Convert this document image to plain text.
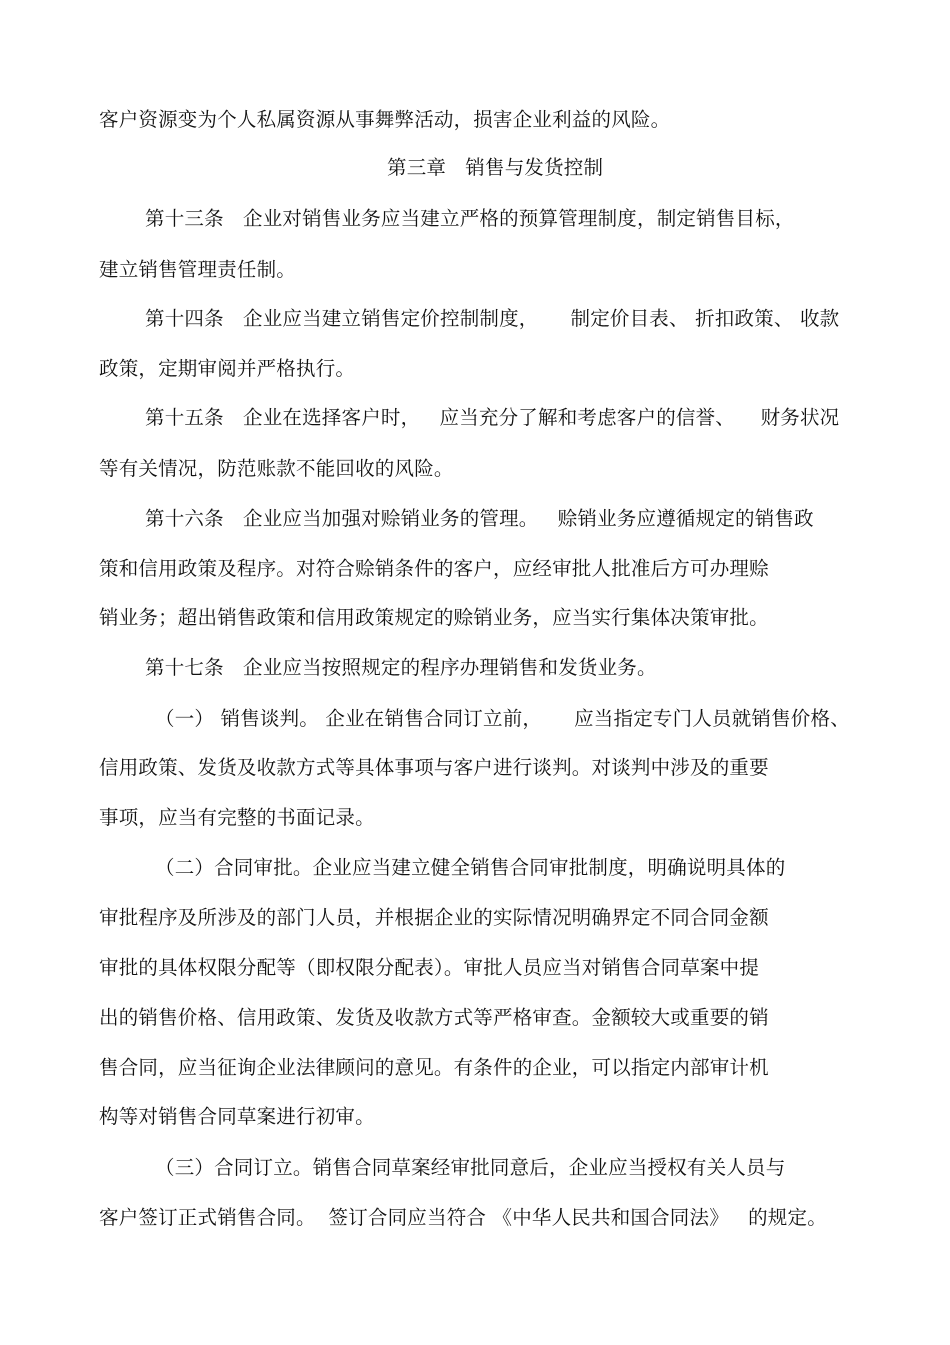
客户资源变为个人私属资源从事舞弊活动，损害企业利益的风险。
第三章   销售与发货控制
第十三条   企业对销售业务应当建立严格的预算管理制度，制定销售目标，
建立销售管理责任制。
第十四条   企业应当建立销售定价控制制度，     制定价目表、 折扣政策、 收款
政策，定期审阅并严格执行。
第十五条   企业在选择客户时，   应当充分了解和考虑客户的信誉、    财务状况
等有关情况，防范账款不能回收的风险。
第十六条   企业应当加强对赊销业务的管理。   赊销业务应遵循规定的销售政
策和信用政策及程序。对符合赊销条件的客户，应经审批人批准后方可办理赊
销业务；超出销售政策和信用政策规定的赊销业务，应当实行集体决策审批。
第十七条   企业应当按照规定的程序办理销售和发货业务。
（一） 销售谈判。 企业在销售合同订立前，     应当指定专门人员就销售价格、
信用政策、发货及收款方式等具体事项与客户进行谈判。对谈判中涉及的重要
事项，应当有完整的书面记录。
（二）合同审批。企业应当建立健全销售合同审批制度，明确说明具体的
审批程序及所涉及的部门人员，并根据企业的实际情况明确界定不同合同金额
审批的具体权限分配等（即权限分配表）。审批人员应当对销售合同草案中提
出的销售价格、信用政策、发货及收款方式等严格审查。金额较大或重要的销
售合同，应当征询企业法律顾问的意见。有条件的企业，可以指定内部审计机
构等对销售合同草案进行初审。
（三）合同订立。销售合同草案经审批同意后，企业应当授权有关人员与
客户签订正式销售合同。  签订合同应当符合 《中华人民共和国合同法》   的规定。
